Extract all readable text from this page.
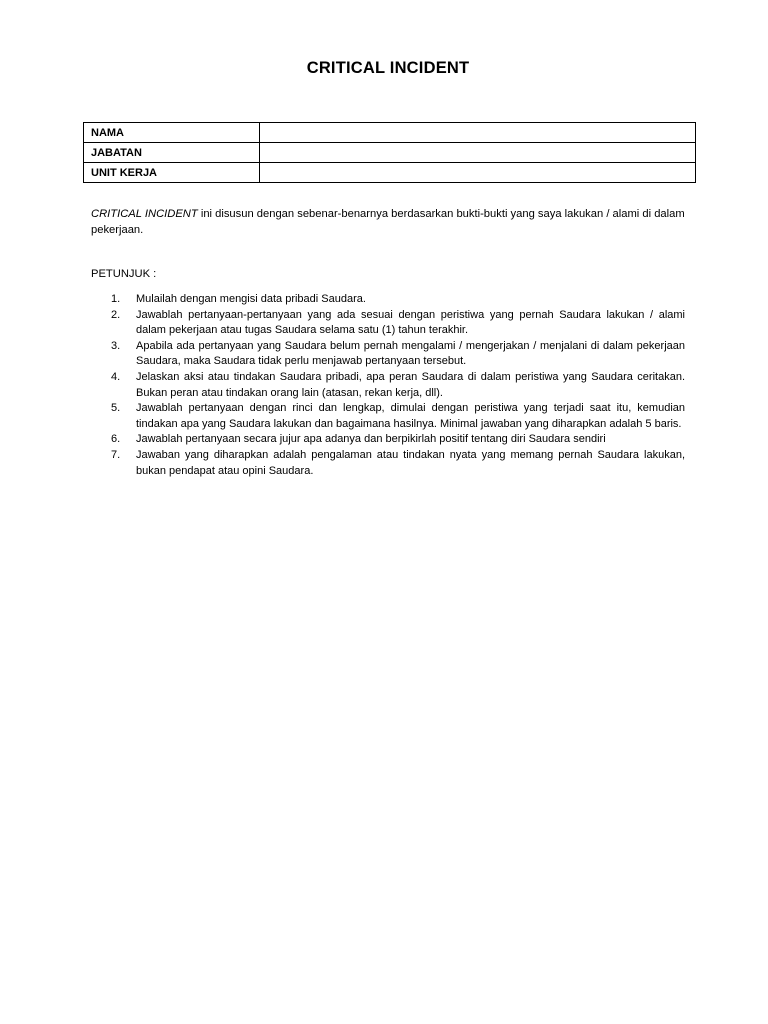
CRITICAL INCIDENT
NAMA	
JABATAN	
UNIT KERJA	

CRITICAL INCIDENT ini disusun dengan sebenar-benarnya berdasarkan bukti-bukti yang saya lakukan / alami di dalam pekerjaan.

PETUNJUK :

1. Mulailah dengan mengisi data pribadi Saudara.
2. Jawablah pertanyaan-pertanyaan yang ada sesuai dengan peristiwa yang pernah Saudara lakukan / alami dalam pekerjaan atau tugas Saudara selama satu (1) tahun terakhir.
3. Apabila ada pertanyaan yang Saudara belum pernah mengalami / mengerjakan / menjalani di dalam pekerjaan Saudara, maka Saudara tidak perlu menjawab pertanyaan tersebut.
4. Jelaskan aksi atau tindakan Saudara pribadi, apa peran Saudara di dalam peristiwa yang Saudara ceritakan. Bukan peran atau tindakan orang lain (atasan, rekan kerja, dll).
5. Jawablah pertanyaan dengan rinci dan lengkap, dimulai dengan peristiwa yang terjadi saat itu, kemudian tindakan apa yang Saudara lakukan dan bagaimana hasilnya. Minimal jawaban yang diharapkan adalah 5 baris.
6. Jawablah pertanyaan secara jujur apa adanya dan berpikirlah positif tentang diri Saudara sendiri
7. Jawaban yang diharapkan adalah pengalaman atau tindakan nyata yang memang pernah Saudara lakukan, bukan pendapat atau opini Saudara.
